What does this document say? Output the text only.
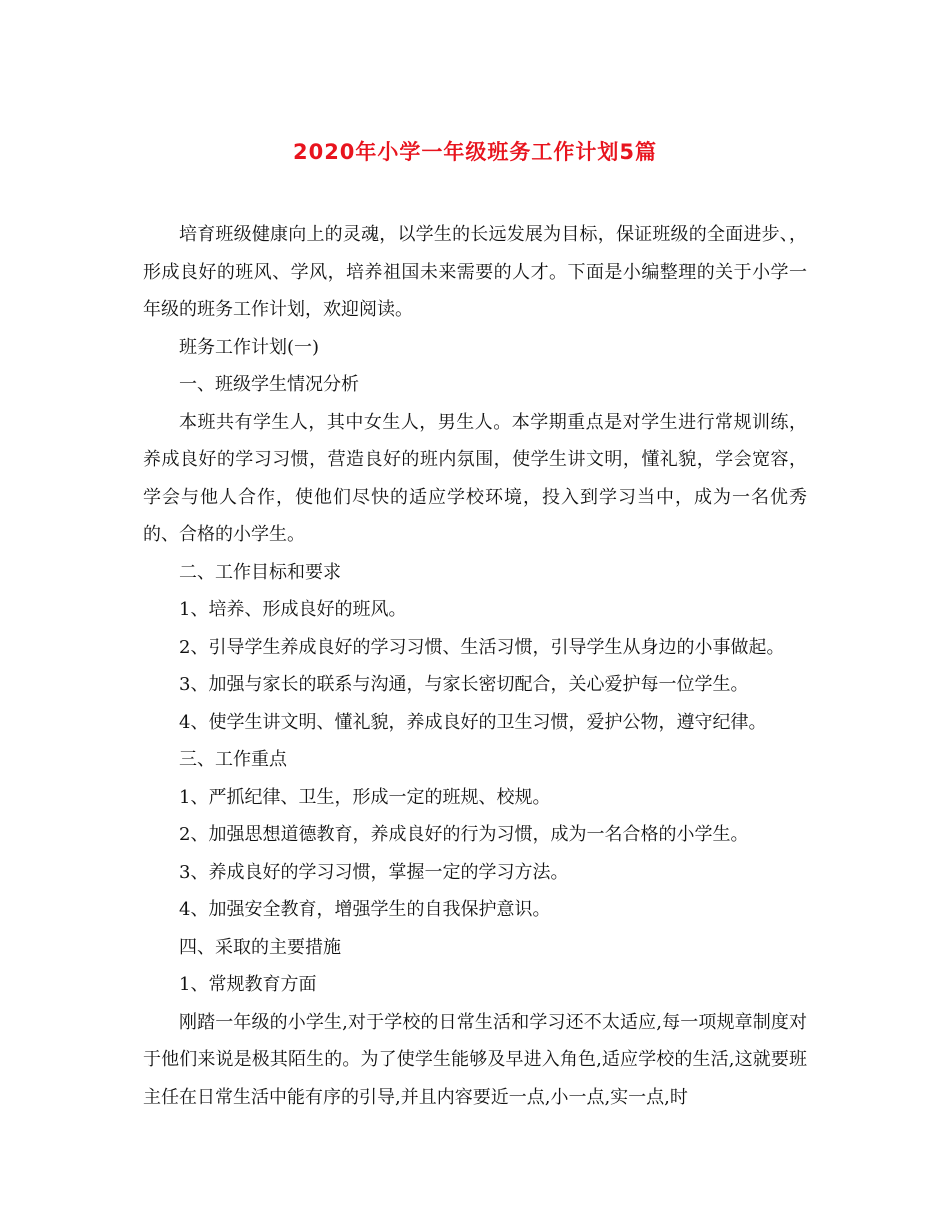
2020年小学一年级班务工作计划5篇

培育班级健康向上的灵魂，以学生的长远发展为目标，保证班级的全面进步、，形成良好的班风、学风，培养祖国未来需要的人才。下面是小编整理的关于小学一年级的班务工作计划，欢迎阅读。

班务工作计划(一)

一、班级学生情况分析

本班共有学生人，其中女生人，男生人。本学期重点是对学生进行常规训练，养成良好的学习习惯，营造良好的班内氛围，使学生讲文明，懂礼貌，学会宽容，学会与他人合作，使他们尽快的适应学校环境，投入到学习当中，成为一名优秀的、合格的小学生。

二、工作目标和要求

1、培养、形成良好的班风。

2、引导学生养成良好的学习习惯、生活习惯，引导学生从身边的小事做起。

3、加强与家长的联系与沟通，与家长密切配合，关心爱护每一位学生。

4、使学生讲文明、懂礼貌，养成良好的卫生习惯，爱护公物，遵守纪律。

三、工作重点

1、严抓纪律、卫生，形成一定的班规、校规。

2、加强思想道德教育，养成良好的行为习惯，成为一名合格的小学生。

3、养成良好的学习习惯，掌握一定的学习方法。

4、加强安全教育，增强学生的自我保护意识。

四、采取的主要措施

1、常规教育方面

刚踏一年级的小学生,对于学校的日常生活和学习还不太适应,每一项规章制度对于他们来说是极其陌生的。为了使学生能够及早进入角色,适应学校的生活,这就要班主任在日常生活中能有序的引导,并且内容要近一点,小一点,实一点,时
